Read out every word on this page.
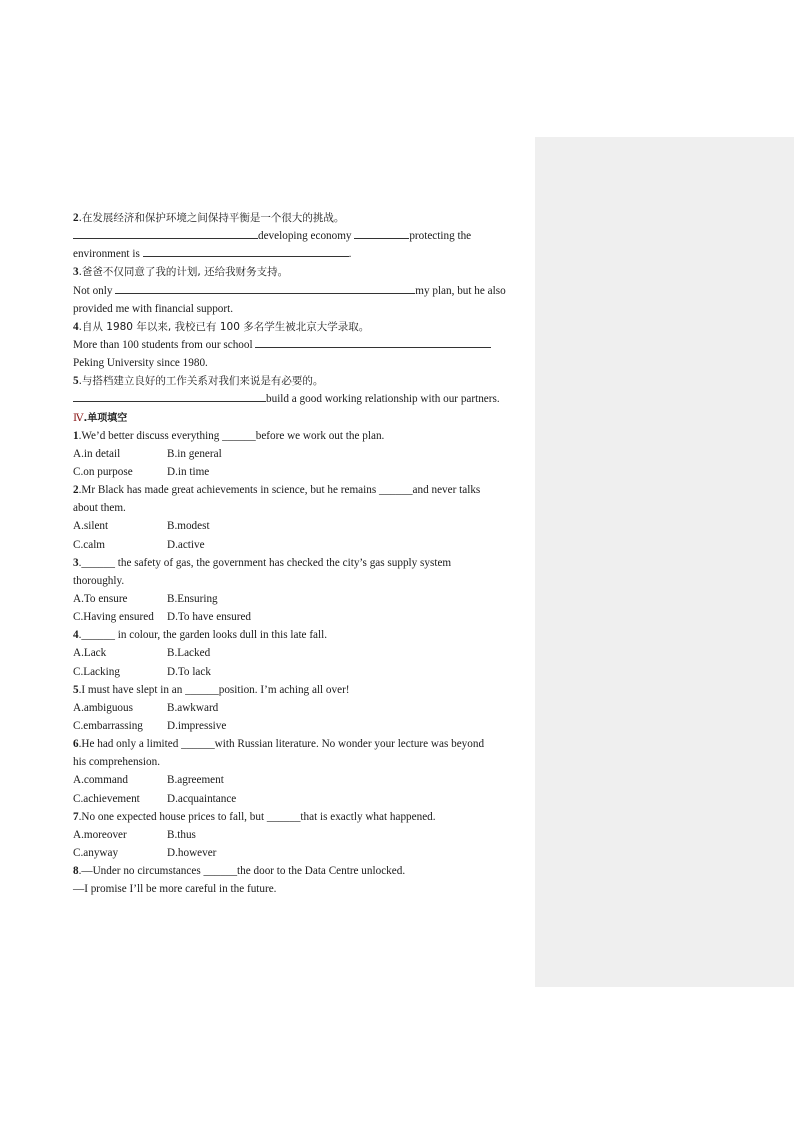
2.在发展经济和保护环境之间保持平衡是一个很大的挑战。
developing economy	protecting the
environment is	.
3.爸爸不仅同意了我的计划, 还给我财务支持。
Not only	my plan, but he also
provided me with financial support.
4.自从 1980 年以来, 我校已有 100 多名学生被北京大学录取。
More than 100 students from our school
Peking University since 1980.
5.与搭档建立良好的工作关系对我们来说是有必要的。
build a good working relationship with our partners.
Ⅳ.单项填空
1.We’d better discuss everything ______before we work out the plan.
A.in detail	B.in general
C.on purpose	D.in time
2.Mr Black has made great achievements in science, but he remains ______and never talks
about them.
A.silent	B.modest
C.calm	D.active
3.______ the safety of gas, the government has checked the city’s gas supply system
thoroughly.
A.To ensure	B.Ensuring
C.Having ensured D.To have ensured
4.______ in colour, the garden looks dull in this late fall.
A.Lack	B.Lacked
C.Lacking	D.To lack
5.I must have slept in an ______position. I’m aching all over!
A.ambiguous	B.awkward
C.embarrassing D.impressive
6.He had only a limited ______with Russian literature. No wonder your lecture was beyond
his comprehension.
A.command	B.agreement
C.achievement D.acquaintance
7.No one expected house prices to fall, but ______that is exactly what happened.
A.moreover	B.thus
C.anyway	D.however
8.—Under no circumstances ______the door to the Data Centre unlocked.
—I promise I’ll be more careful in the future.
